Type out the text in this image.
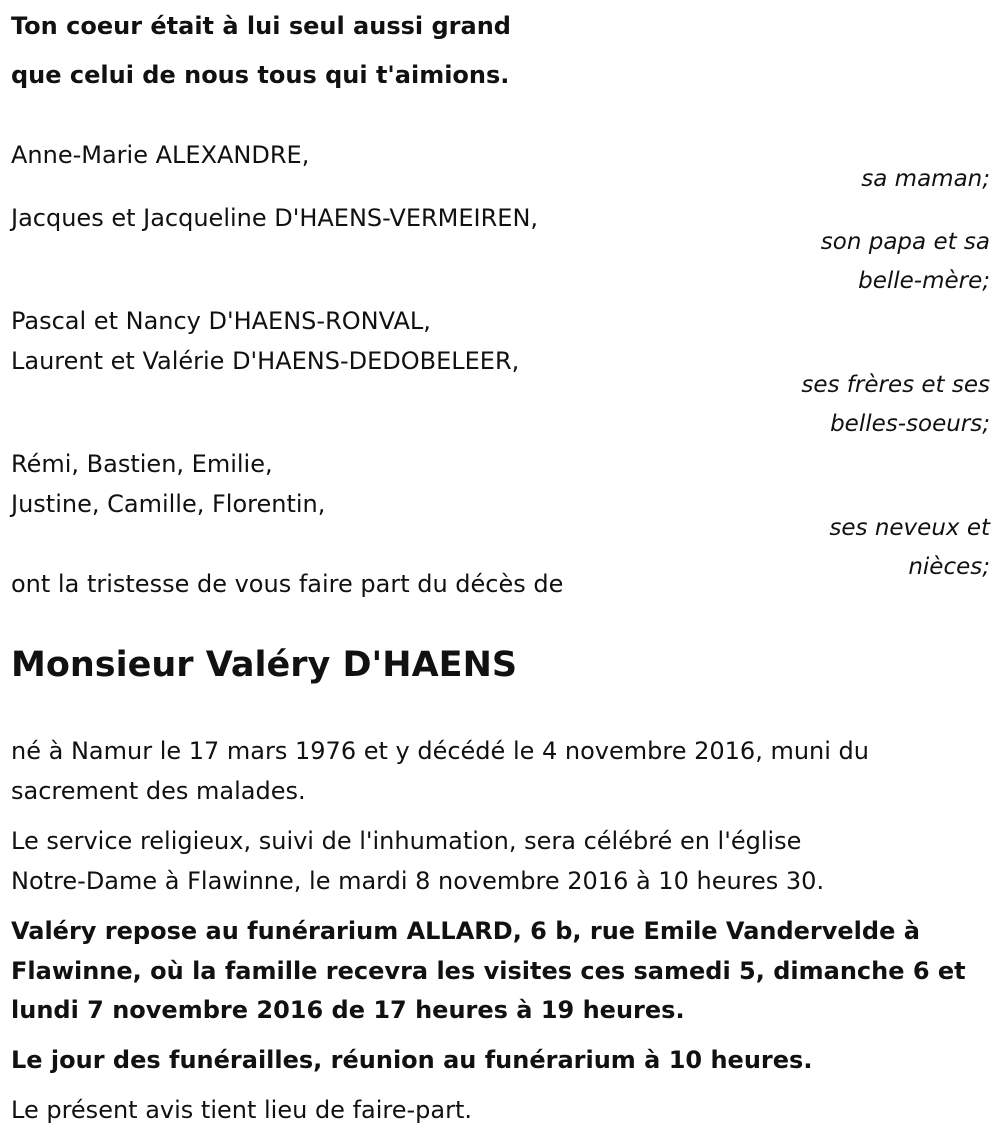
Ton coeur était à lui seul aussi grand

que celui de nous tous qui t'aimions.

Anne-Marie ALEXANDRE,

sa maman;

Jacques et Jacqueline D'HAENS-VERMEIREN,

son papa et sa
belle-mère;

Pascal et Nancy D'HAENS-RONVAL,

Laurent et Valérie D'HAENS-DEDOBELEER,

ses frères et ses
belles-soeurs;

Rémi, Bastien, Emilie,

Justine, Camille, Florentin,

ses neveux et
nièces;

ont la tristesse de vous faire part du décès de

Monsieur Valéry D'HAENS

né à Namur le 17 mars 1976 et y décédé le 4 novembre 2016, muni du

sacrement des malades.

Le service religieux, suivi de l'inhumation, sera célébré en l'église

Notre-Dame à Flawinne, le mardi 8 novembre 2016 à 10 heures 30.

Valéry repose au funérarium ALLARD, 6 b, rue Emile Vandervelde à

Flawinne, où la famille recevra les visites ces samedi 5, dimanche 6 et

lundi 7 novembre 2016 de 17 heures à 19 heures.

Le jour des funérailles, réunion au funérarium à 10 heures.

Le présent avis tient lieu de faire-part.
